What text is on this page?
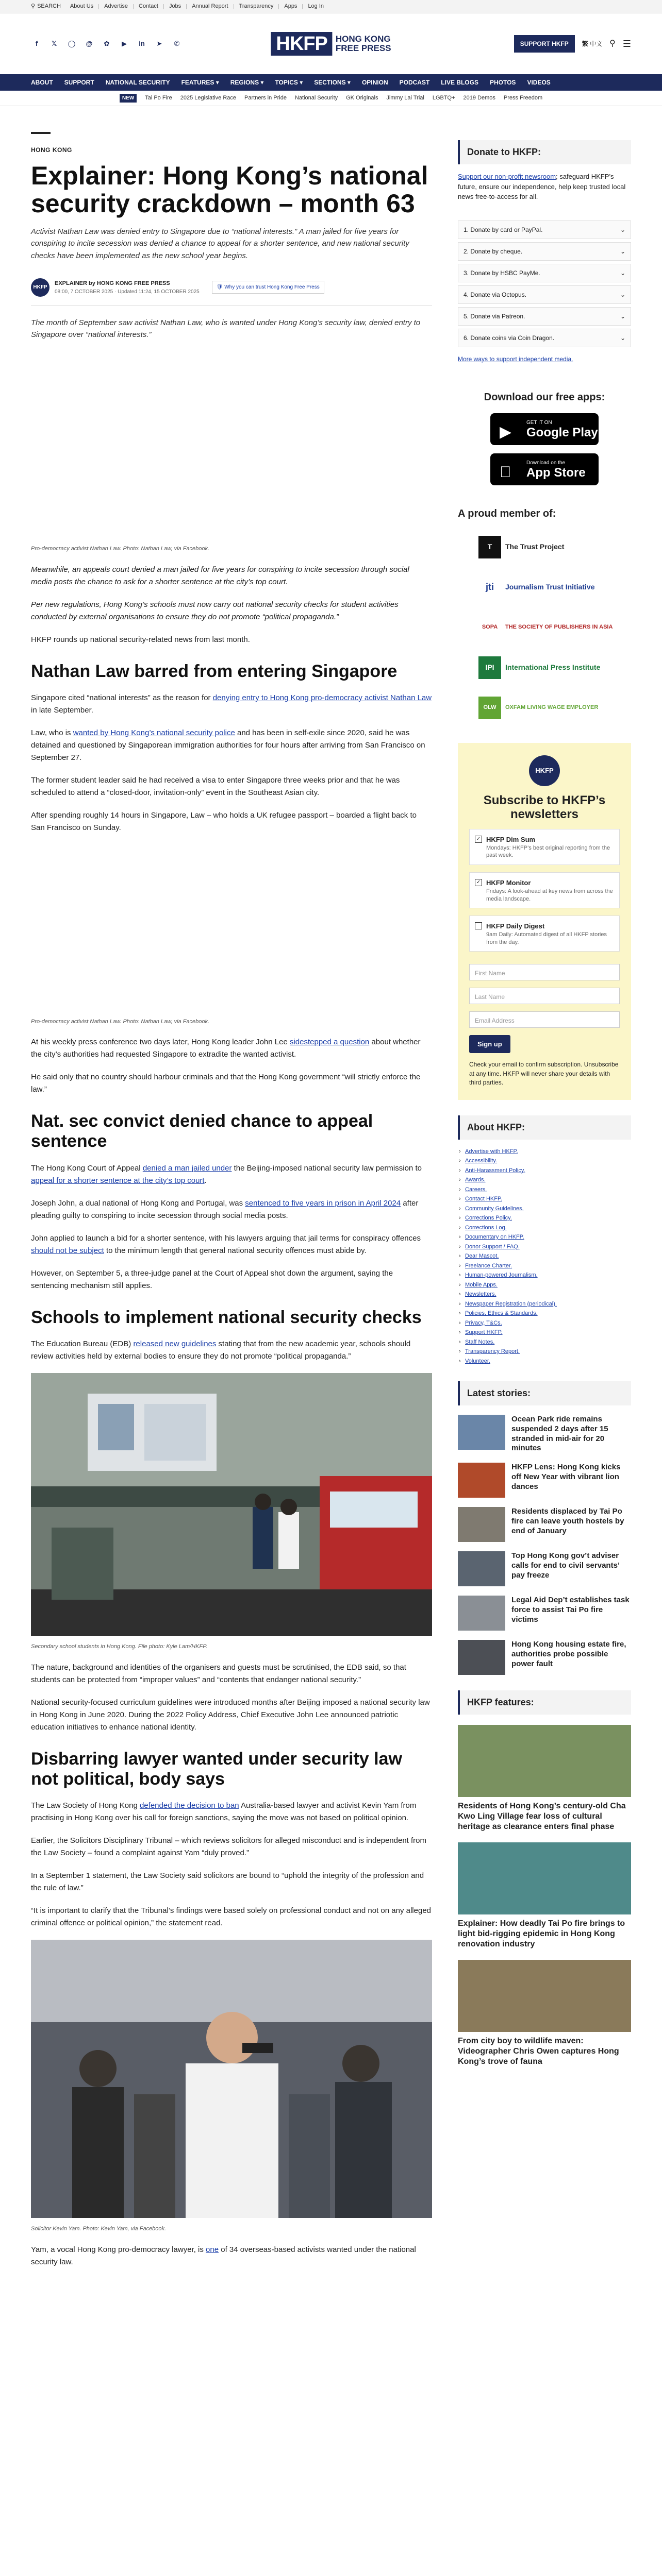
⚲ SEARCH About Us Advertise Contact Jobs Annual Report Transparency Apps Log In
f	𝕏	◯	@	✿	▶	in	➤	✆	HKFP HONG KONG
FREE PRESS	SUPPORT HKFP	繁 中文 ⚲ ☰
ABOUT SUPPORT NATIONAL SECURITY FEATURES ▾ REGIONS ▾ TOPICS ▾ SECTIONS ▾ OPINION PODCAST LIVE BLOGS PHOTOS VIDEOS
NEW	Tai Po Fire 2025 Legislative Race Partners in Pride National Security GK Originals Jimmy Lai Trial LGBTQ+ 2019 Demos Press Freedom
HONG KONG
Explainer: Hong Kong’s national security crackdown – month 63

Activist Nathan Law was denied entry to Singapore due to “national interests.” A man jailed for five years for conspiring to incite secession was denied a chance to appeal for a shorter sentence, and new national security checks have been implemented as the new school year begins.

HKFP
EXPLAINER by HONG KONG FREE PRESS
08:00, 7 OCTOBER 2025 · Updated 11:24, 15 OCTOBER 2025
🛡 Why you can trust Hong Kong Free Press

The month of September saw activist Nathan Law, who is wanted under Hong Kong’s security law, denied entry to Singapore over “national interests.”

Pro-democracy activist Nathan Law. Photo: Nathan Law, via Facebook.

Meanwhile, an appeals court denied a man jailed for five years for conspiring to incite secession through social media posts the chance to ask for a shorter sentence at the city’s top court.

Per new regulations, Hong Kong’s schools must now carry out national security checks for student activities conducted by external organisations to ensure they do not promote “political propaganda.”

HKFP rounds up national security-related news from last month.

Nathan Law barred from entering Singapore

Singapore cited “national interests” as the reason for denying entry to Hong Kong pro-democracy activist Nathan Law in late September.

Law, who is wanted by Hong Kong’s national security police and has been in self-exile since 2020, said he was detained and questioned by Singaporean immigration authorities for four hours after arriving from San Francisco on September 27.

The former student leader said he had received a visa to enter Singapore three weeks prior and that he was scheduled to attend a “closed-door, invitation-only” event in the Southeast Asian city.

After spending roughly 14 hours in Singapore, Law – who holds a UK refugee passport – boarded a flight back to San Francisco on Sunday.

Pro-democracy activist Nathan Law. Photo: Nathan Law, via Facebook.

At his weekly press conference two days later, Hong Kong leader John Lee sidestepped a question about whether the city’s authorities had requested Singapore to extradite the wanted activist.

He said only that no country should harbour criminals and that the Hong Kong government “will strictly enforce the law.”

Nat. sec convict denied chance to appeal sentence

The Hong Kong Court of Appeal denied a man jailed under the Beijing-imposed national security law permission to appeal for a shorter sentence at the city’s top court.

Joseph John, a dual national of Hong Kong and Portugal, was sentenced to five years in prison in April 2024 after pleading guilty to conspiring to incite secession through social media posts.

John applied to launch a bid for a shorter sentence, with his lawyers arguing that jail terms for conspiracy offences should not be subject to the minimum length that general national security offences must abide by.

However, on September 5, a three-judge panel at the Court of Appeal shot down the argument, saying the sentencing mechanism still applies.

Schools to implement national security checks

The Education Bureau (EDB) released new guidelines stating that from the new academic year, schools should review activities held by external bodies to ensure they do not promote “political propaganda.”

Secondary school students in Hong Kong. File photo: Kyle Lam/HKFP.

The nature, background and identities of the organisers and guests must be scrutinised, the EDB said, so that students can be protected from “improper values” and “contents that endanger national security.”

National security-focused curriculum guidelines were introduced months after Beijing imposed a national security law in Hong Kong in June 2020. During the 2022 Policy Address, Chief Executive John Lee announced patriotic education initiatives to enhance national identity.

Disbarring lawyer wanted under security law not political, body says

The Law Society of Hong Kong defended the decision to ban Australia-based lawyer and activist Kevin Yam from practising in Hong Kong over his call for foreign sanctions, saying the move was not based on political opinion.

Earlier, the Solicitors Disciplinary Tribunal – which reviews solicitors for alleged misconduct and is independent from the Law Society – found a complaint against Yam “duly proved.”

In a September 1 statement, the Law Society said solicitors are bound to “uphold the integrity of the profession and the rule of law.”

“It is important to clarify that the Tribunal’s findings were based solely on professional conduct and not on any alleged criminal offence or political opinion,” the statement read.

Solicitor Kevin Yam. Photo: Kevin Yam, via Facebook.

Yam, a vocal Hong Kong pro-democracy lawyer, is one of 34 overseas-based activists wanted under the national security law.

Donate to HKFP:

Support our non-profit newsroom; safeguard HKFP’s future, ensure our independence, help keep trusted local news free-to-access for all.

1. Donate by card or PayPal.	⌄
2. Donate by cheque.	⌄
3. Donate by HSBC PayMe.	⌄
4. Donate via Octopus.	⌄
5. Donate via Patreon.	⌄
6. Donate coins via Coin Dragon.	⌄

More ways to support independent media.

Download our free apps:
▶
GET IT ON
Google Play
Download on the
App Store
A proud member of:
T	The Trust Project
jti	Journalism Trust Initiative
SOPA	THE SOCIETY OF PUBLISHERS IN ASIA
IPI	International Press Institute
OLW	OXFAM LIVING WAGE EMPLOYER
HKFP
Subscribe to HKFP’s newsletters
✓ HKFP Dim Sum
Mondays: HKFP’s best original reporting from the past week.
✓ HKFP Monitor
Fridays: A look-ahead at key news from across the media landscape.
HKFP Daily Digest
9am Daily: Automated digest of all HKFP stories from the day.
First Name
Last Name
Email Address
Sign up

Check your email to confirm subscription. Unsubscribe at any time. HKFP will never share your details with third parties.

About HKFP:
› Advertise with HKFP.
› Accessibility.
› Anti-Harassment Policy.
› Awards.
› Careers.
› Contact HKFP.
› Community Guidelines.
› Corrections Policy.
› Corrections Log.
› Documentary on HKFP.
› Donor Support / FAQ.
› Dear Mascot.
› Freelance Charter.
› Human-powered Journalism.
› Mobile Apps.
› Newsletters.
› Newspaper Registration (periodical).
› Policies, Ethics & Standards.
› Privacy, T&Cs.
› Support HKFP.
› Staff Notes.
› Transparency Report.
› Volunteer.
Latest stories:
Ocean Park ride remains suspended 2 days after 15 stranded in mid-air for 20 minutes
HKFP Lens: Hong Kong kicks off New Year with vibrant lion dances
Residents displaced by Tai Po fire can leave youth hostels by end of January
Top Hong Kong gov’t adviser calls for end to civil servants’ pay freeze
Legal Aid Dep’t establishes task force to assist Tai Po fire victims
Hong Kong housing estate fire, authorities probe possible power fault
HKFP features:
Residents of Hong Kong’s century-old Cha Kwo Ling Village fear loss of cultural heritage as clearance enters final phase
Explainer: How deadly Tai Po fire brings to light bid-rigging epidemic in Hong Kong renovation industry
From city boy to wildlife maven: Videographer Chris Owen captures Hong Kong’s trove of fauna
